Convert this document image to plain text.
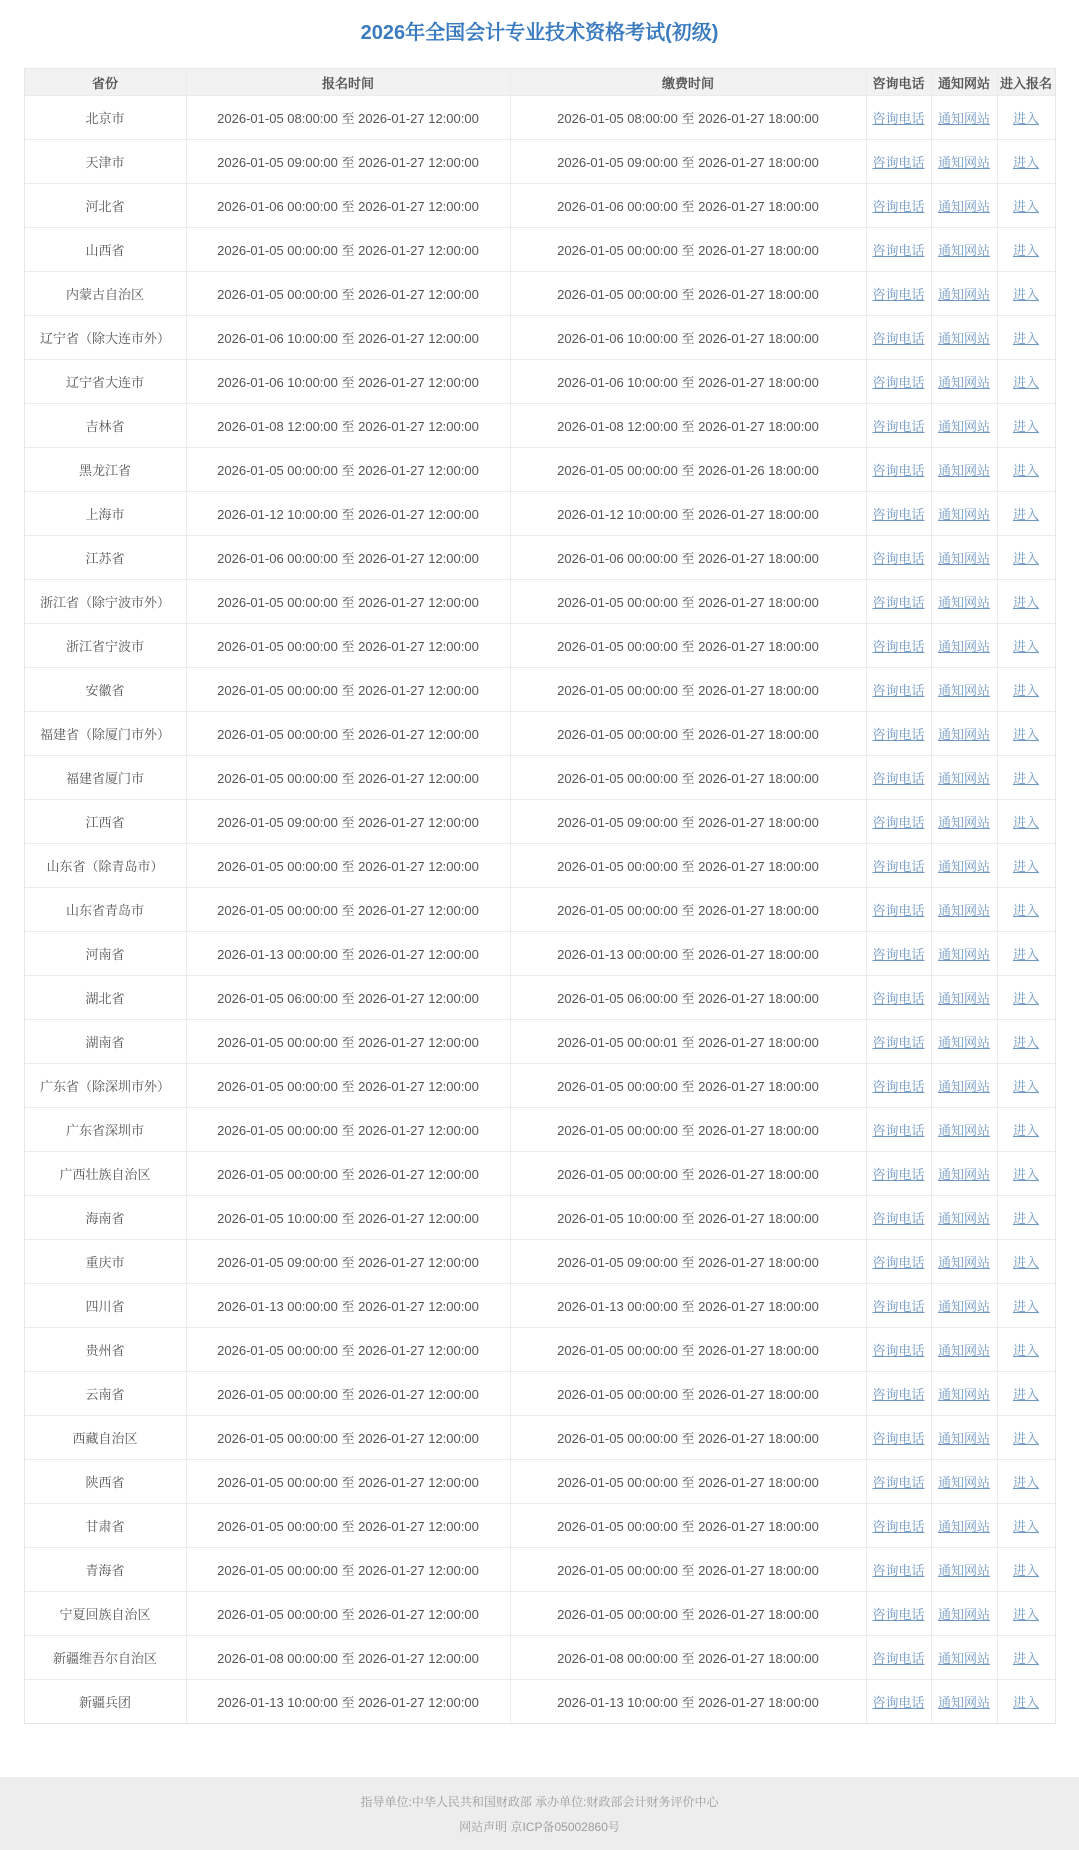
2026年全国会计专业技术资格考试(初级)
省份	报名时间	缴费时间	咨询电话	通知网站 进入报名
北京市	2026-01-05 08:00:00 至 2026-01-27 12:00:00	2026-01-05 08:00:00 至 2026-01-27 18:00:00	咨询电话 通知网站 进入
天津市	2026-01-05 09:00:00 至 2026-01-27 12:00:00	2026-01-05 09:00:00 至 2026-01-27 18:00:00	咨询电话 通知网站 进入
河北省	2026-01-06 00:00:00 至 2026-01-27 12:00:00	2026-01-06 00:00:00 至 2026-01-27 18:00:00	咨询电话 通知网站 进入
山西省	2026-01-05 00:00:00 至 2026-01-27 12:00:00	2026-01-05 00:00:00 至 2026-01-27 18:00:00	咨询电话 通知网站 进入
内蒙古自治区	2026-01-05 00:00:00 至 2026-01-27 12:00:00	2026-01-05 00:00:00 至 2026-01-27 18:00:00	咨询电话 通知网站 进入
辽宁省（除大连市外）	2026-01-06 10:00:00 至 2026-01-27 12:00:00	2026-01-06 10:00:00 至 2026-01-27 18:00:00	咨询电话 通知网站 进入
辽宁省大连市	2026-01-06 10:00:00 至 2026-01-27 12:00:00	2026-01-06 10:00:00 至 2026-01-27 18:00:00	咨询电话 通知网站 进入
吉林省	2026-01-08 12:00:00 至 2026-01-27 12:00:00	2026-01-08 12:00:00 至 2026-01-27 18:00:00	咨询电话 通知网站 进入
黑龙江省	2026-01-05 00:00:00 至 2026-01-27 12:00:00	2026-01-05 00:00:00 至 2026-01-26 18:00:00	咨询电话 通知网站 进入
上海市	2026-01-12 10:00:00 至 2026-01-27 12:00:00	2026-01-12 10:00:00 至 2026-01-27 18:00:00	咨询电话 通知网站 进入
江苏省	2026-01-06 00:00:00 至 2026-01-27 12:00:00	2026-01-06 00:00:00 至 2026-01-27 18:00:00	咨询电话 通知网站 进入
浙江省（除宁波市外）	2026-01-05 00:00:00 至 2026-01-27 12:00:00	2026-01-05 00:00:00 至 2026-01-27 18:00:00	咨询电话 通知网站 进入
浙江省宁波市	2026-01-05 00:00:00 至 2026-01-27 12:00:00	2026-01-05 00:00:00 至 2026-01-27 18:00:00	咨询电话 通知网站 进入
安徽省	2026-01-05 00:00:00 至 2026-01-27 12:00:00	2026-01-05 00:00:00 至 2026-01-27 18:00:00	咨询电话 通知网站 进入
福建省（除厦门市外）	2026-01-05 00:00:00 至 2026-01-27 12:00:00	2026-01-05 00:00:00 至 2026-01-27 18:00:00	咨询电话 通知网站 进入
福建省厦门市	2026-01-05 00:00:00 至 2026-01-27 12:00:00	2026-01-05 00:00:00 至 2026-01-27 18:00:00	咨询电话 通知网站 进入
江西省	2026-01-05 09:00:00 至 2026-01-27 12:00:00	2026-01-05 09:00:00 至 2026-01-27 18:00:00	咨询电话 通知网站 进入
山东省（除青岛市）	2026-01-05 00:00:00 至 2026-01-27 12:00:00	2026-01-05 00:00:00 至 2026-01-27 18:00:00	咨询电话 通知网站 进入
山东省青岛市	2026-01-05 00:00:00 至 2026-01-27 12:00:00	2026-01-05 00:00:00 至 2026-01-27 18:00:00	咨询电话 通知网站 进入
河南省	2026-01-13 00:00:00 至 2026-01-27 12:00:00	2026-01-13 00:00:00 至 2026-01-27 18:00:00	咨询电话 通知网站 进入
湖北省	2026-01-05 06:00:00 至 2026-01-27 12:00:00	2026-01-05 06:00:00 至 2026-01-27 18:00:00	咨询电话 通知网站 进入
湖南省	2026-01-05 00:00:00 至 2026-01-27 12:00:00	2026-01-05 00:00:01 至 2026-01-27 18:00:00	咨询电话 通知网站 进入
广东省（除深圳市外）	2026-01-05 00:00:00 至 2026-01-27 12:00:00	2026-01-05 00:00:00 至 2026-01-27 18:00:00	咨询电话 通知网站 进入
广东省深圳市	2026-01-05 00:00:00 至 2026-01-27 12:00:00	2026-01-05 00:00:00 至 2026-01-27 18:00:00	咨询电话 通知网站 进入
广西壮族自治区	2026-01-05 00:00:00 至 2026-01-27 12:00:00	2026-01-05 00:00:00 至 2026-01-27 18:00:00	咨询电话 通知网站 进入
海南省	2026-01-05 10:00:00 至 2026-01-27 12:00:00	2026-01-05 10:00:00 至 2026-01-27 18:00:00	咨询电话 通知网站 进入
重庆市	2026-01-05 09:00:00 至 2026-01-27 12:00:00	2026-01-05 09:00:00 至 2026-01-27 18:00:00	咨询电话 通知网站 进入
四川省	2026-01-13 00:00:00 至 2026-01-27 12:00:00	2026-01-13 00:00:00 至 2026-01-27 18:00:00	咨询电话 通知网站 进入
贵州省	2026-01-05 00:00:00 至 2026-01-27 12:00:00	2026-01-05 00:00:00 至 2026-01-27 18:00:00	咨询电话 通知网站 进入
云南省	2026-01-05 00:00:00 至 2026-01-27 12:00:00	2026-01-05 00:00:00 至 2026-01-27 18:00:00	咨询电话 通知网站 进入
西藏自治区	2026-01-05 00:00:00 至 2026-01-27 12:00:00	2026-01-05 00:00:00 至 2026-01-27 18:00:00	咨询电话 通知网站 进入
陕西省	2026-01-05 00:00:00 至 2026-01-27 12:00:00	2026-01-05 00:00:00 至 2026-01-27 18:00:00	咨询电话 通知网站 进入
甘肃省	2026-01-05 00:00:00 至 2026-01-27 12:00:00	2026-01-05 00:00:00 至 2026-01-27 18:00:00	咨询电话 通知网站 进入
青海省	2026-01-05 00:00:00 至 2026-01-27 12:00:00	2026-01-05 00:00:00 至 2026-01-27 18:00:00	咨询电话 通知网站 进入
宁夏回族自治区	2026-01-05 00:00:00 至 2026-01-27 12:00:00	2026-01-05 00:00:00 至 2026-01-27 18:00:00	咨询电话 通知网站 进入
新疆维吾尔自治区	2026-01-08 00:00:00 至 2026-01-27 12:00:00	2026-01-08 00:00:00 至 2026-01-27 18:00:00	咨询电话 通知网站 进入
新疆兵团	2026-01-13 10:00:00 至 2026-01-27 12:00:00	2026-01-13 10:00:00 至 2026-01-27 18:00:00	咨询电话 通知网站 进入
指导单位:中华人民共和国财政部 承办单位:财政部会计财务评价中心
网站声明 京ICP备05002860号
